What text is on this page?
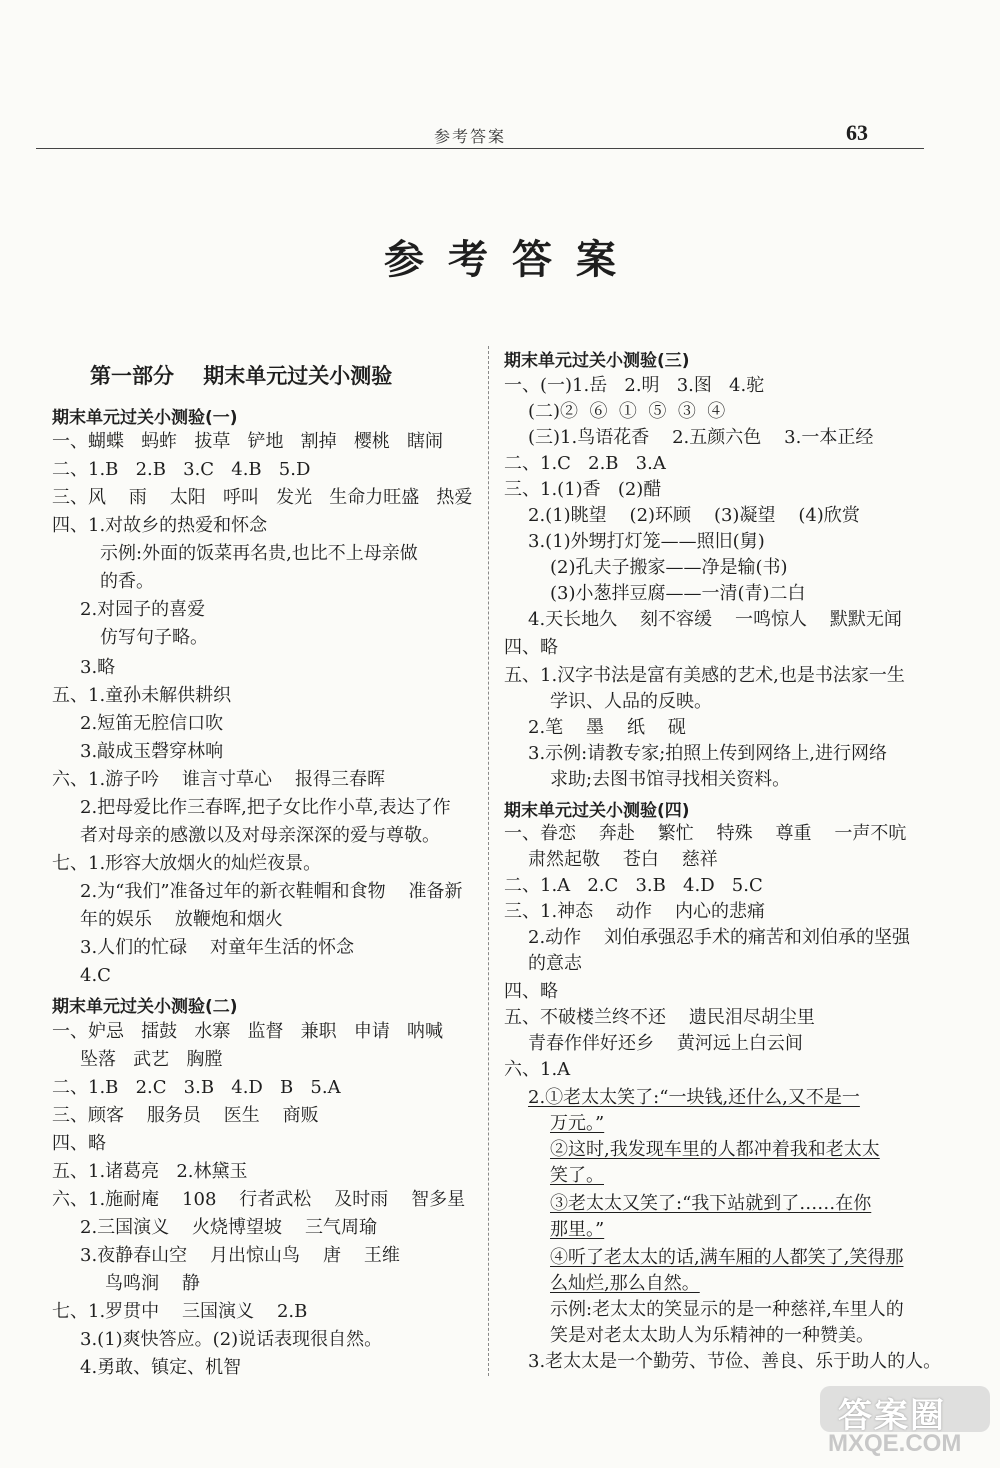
参考答案	63
参考答案
第一部分    期末单元过关小测验
期末单元过关小测验(一)
一、蝴蝶   蚂蚱   拔草   铲地   割掉   樱桃   瞎闹
二、1.B   2.B   3.C   4.B   5.D
三、风    雨    太阳   呼叫   发光   生命力旺盛   热爱
四、1.对故乡的热爱和怀念
示例:外面的饭菜再名贵,也比不上母亲做
的香。
2.对园子的喜爱
仿写句子略。
3.略
五、1.童孙未解供耕织
2.短笛无腔信口吹
3.敲成玉磬穿林响
六、1.游子吟    谁言寸草心    报得三春晖
2.把母爱比作三春晖,把子女比作小草,表达了作
者对母亲的感激以及对母亲深深的爱与尊敬。
七、1.形容大放烟火的灿烂夜景。
2.为“我们”准备过年的新衣鞋帽和食物    准备新
年的娱乐    放鞭炮和烟火
3.人们的忙碌    对童年生活的怀念
4.C
期末单元过关小测验(二)
一、妒忌   擂鼓   水寨   监督   兼职   申请   呐喊
坠落   武艺   胸膛
二、1.B   2.C   3.B   4.D   B   5.A
三、顾客    服务员    医生    商贩
四、略
五、1.诸葛亮   2.林黛玉
六、1.施耐庵    108    行者武松    及时雨    智多星
2.三国演义    火烧博望坡    三气周瑜
3.夜静春山空    月出惊山鸟    唐    王维
鸟鸣涧    静
七、1.罗贯中    三国演义    2.B
3.(1)爽快答应。(2)说话表现很自然。
4.勇敢、镇定、机智
期末单元过关小测验(三)
一、(一)1.岳   2.明   3.图   4.驼
(二)②  ⑥  ①  ⑤  ③  ④
(三)1.鸟语花香    2.五颜六色    3.一本正经
二、1.C   2.B   3.A
三、1.(1)香   (2)醋
2.(1)眺望    (2)环顾    (3)凝望    (4)欣赏
3.(1)外甥打灯笼——照旧(舅)
(2)孔夫子搬家——净是输(书)
(3)小葱拌豆腐——一清(青)二白
4.天长地久    刻不容缓    一鸣惊人    默默无闻
四、略
五、1.汉字书法是富有美感的艺术,也是书法家一生
学识、人品的反映。
2.笔    墨    纸    砚
3.示例:请教专家;拍照上传到网络上,进行网络
求助;去图书馆寻找相关资料。
期末单元过关小测验(四)
一、眷恋    奔赴    繁忙    特殊    尊重    一声不吭
肃然起敬    苍白    慈祥
二、1.A   2.C   3.B   4.D   5.C
三、1.神态    动作    内心的悲痛
2.动作    刘伯承强忍手术的痛苦和刘伯承的坚强
的意志
四、略
五、不破楼兰终不还    遗民泪尽胡尘里
青春作伴好还乡    黄河远上白云间
六、1.A
2.①老太太笑了:“一块钱,还什么,又不是一
万元。”
②这时,我发现车里的人都冲着我和老太太
笑了。
③老太太又笑了:“我下站就到了……在你
那里。”
④听了老太太的话,满车厢的人都笑了,笑得那
么灿烂,那么自然。
示例:老太太的笑显示的是一种慈祥,车里人的
笑是对老太太助人为乐精神的一种赞美。
3.老太太是一个勤劳、节俭、善良、乐于助人的人。
答案圈
MXQE.COM
